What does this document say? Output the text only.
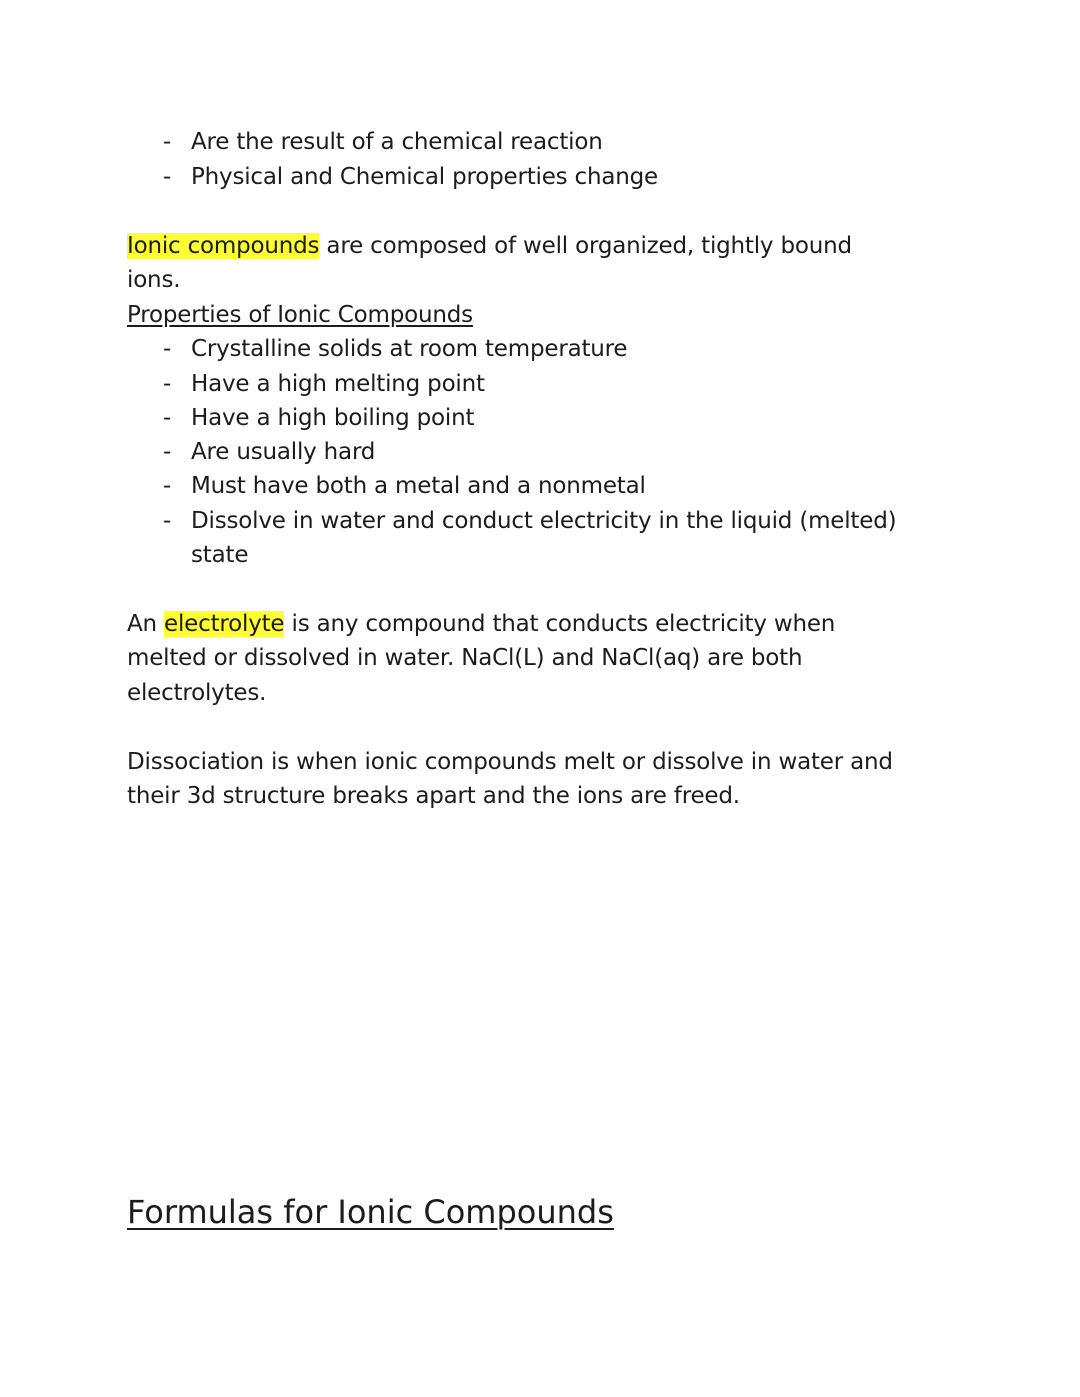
- Are the result of a chemical reaction
- Physical and Chemical properties change
Ionic compounds are composed of well organized, tightly bound
ions.
Properties of Ionic Compounds
- Crystalline solids at room temperature
- Have a high melting point
- Have a high boiling point
- Are usually hard
- Must have both a metal and a nonmetal
- Dissolve in water and conduct electricity in the liquid (melted)
state
An electrolyte is any compound that conducts electricity when
melted or dissolved in water. NaCl(L) and NaCl(aq) are both
electrolytes.
Dissociation is when ionic compounds melt or dissolve in water and
their 3d structure breaks apart and the ions are freed.
Formulas for Ionic Compounds
